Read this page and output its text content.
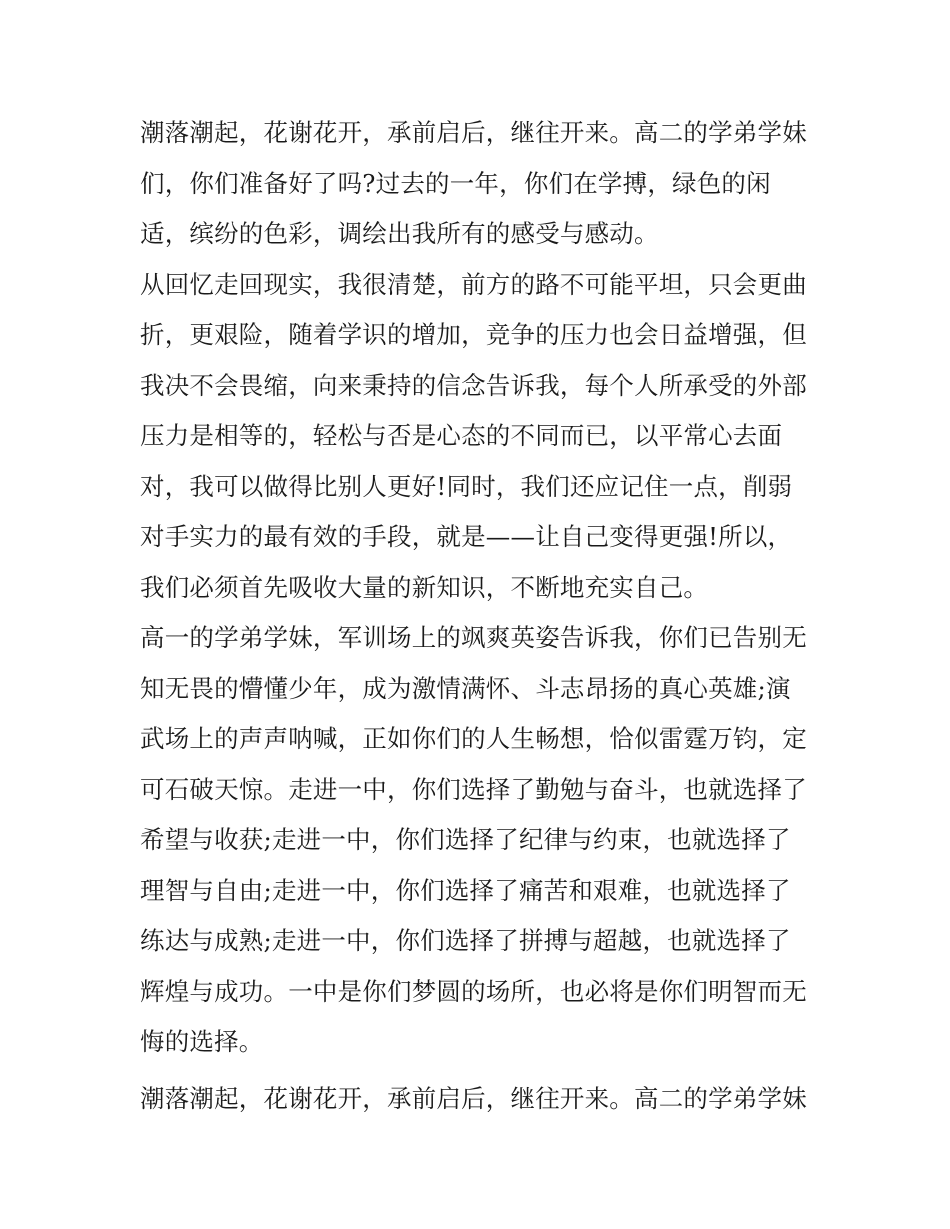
潮落潮起，花谢花开，承前启后，继往开来。高二的学弟学妹
们，你们准备好了吗?过去的一年，你们在学搏，绿色的闲
适，缤纷的色彩，调绘出我所有的感受与感动。
从回忆走回现实，我很清楚，前方的路不可能平坦，只会更曲
折，更艰险，随着学识的增加，竞争的压力也会日益增强，但
我决不会畏缩，向来秉持的信念告诉我，每个人所承受的外部
压力是相等的，轻松与否是心态的不同而已，以平常心去面
对，我可以做得比别人更好!同时，我们还应记住一点，削弱
对手实力的最有效的手段，就是——让自己变得更强!所以，
我们必须首先吸收大量的新知识，不断地充实自己。
高一的学弟学妹，军训场上的飒爽英姿告诉我，你们已告别无
知无畏的懵懂少年，成为激情满怀、斗志昂扬的真心英雄;演
武场上的声声呐喊，正如你们的人生畅想，恰似雷霆万钧，定
可石破天惊。走进一中，你们选择了勤勉与奋斗，也就选择了
希望与收获;走进一中，你们选择了纪律与约束，也就选择了
理智与自由;走进一中，你们选择了痛苦和艰难，也就选择了
练达与成熟;走进一中，你们选择了拼搏与超越，也就选择了
辉煌与成功。一中是你们梦圆的场所，也必将是你们明智而无
悔的选择。
潮落潮起，花谢花开，承前启后，继往开来。高二的学弟学妹
